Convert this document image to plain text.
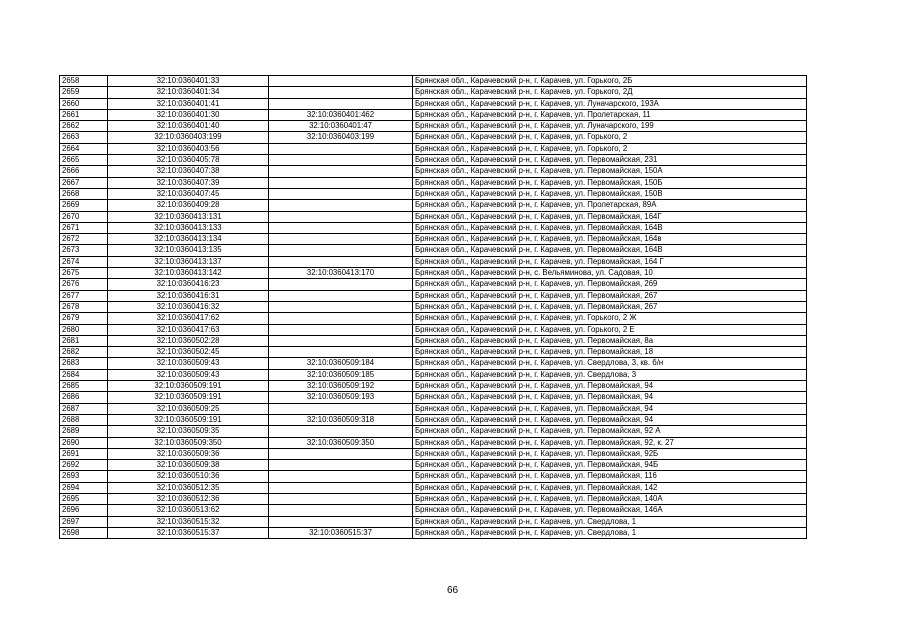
2658	32:10:0360401:33		Брянская обл., Карачевский р-н, г. Карачев, ул. Горького, 2Б
2659	32:10:0360401:34		Брянская обл., Карачевский р-н, г. Карачев, ул. Горького, 2Д
2660	32:10:0360401:41		Брянская обл., Карачевский р-н, г. Карачев, ул. Луначарского, 193А
2661	32:10:0360401:30	32:10:0360401:462	Брянская обл., Карачевский р-н, г. Карачев, ул. Пролетарская, 11
2662	32:10:0360401:40	32:10:0360401:47	Брянская обл., Карачевский р-н, г. Карачев, ул. Луначарского, 199
2663	32:10:0360403:199	32:10:0360403:199	Брянская обл., Карачевский р-н, г. Карачев, ул. Горького, 2
2664	32:10:0360403:56		Брянская обл., Карачевский р-н, г. Карачев, ул. Горького, 2
2665	32:10:0360405:78		Брянская обл., Карачевский р-н, г. Карачев, ул. Первомайская, 231
2666	32:10:0360407:38		Брянская обл., Карачевский р-н, г. Карачев, ул. Первомайская, 150А
2667	32:10:0360407:39		Брянская обл., Карачевский р-н, г. Карачев, ул. Первомайская, 150Б
2668	32:10:0360407:45		Брянская обл., Карачевский р-н, г. Карачев, ул. Первомайская, 150В
2669	32:10:0360409:28		Брянская обл., Карачевский р-н, г. Карачев, ул. Пролетарская, 89А
2670	32:10:0360413:131		Брянская обл., Карачевский р-н, г. Карачев, ул. Первомайская, 164Г
2671	32:10:0360413:133		Брянская обл., Карачевский р-н, г. Карачев, ул. Первомайская, 164В
2672	32:10:0360413:134		Брянская обл., Карачевский р-н, г. Карачев, ул. Первомайская, 164в
2673	32:10:0360413:135		Брянская обл., Карачевский р-н, г. Карачев, ул. Первомайская, 164В
2674	32:10:0360413:137		Брянская обл., Карачевский р-н, г. Карачев, ул. Первомайская, 164 Г
2675	32:10:0360413:142	32:10:0360413:170	Брянская обл., Карачевский р-н, с. Вельяминова, ул. Садовая, 10
2676	32:10:0360416:23		Брянская обл., Карачевский р-н, г. Карачев, ул. Первомайская, 269
2677	32:10:0360416:31		Брянская обл., Карачевский р-н, г. Карачев, ул. Первомайская, 267
2678	32:10:0360416:32		Брянская обл., Карачевский р-н, г. Карачев, ул. Первомайская, 267
2679	32:10:0360417:62		Брянская обл., Карачевский р-н, г. Карачев, ул. Горького, 2 Ж
2680	32:10:0360417:63		Брянская обл., Карачевский р-н, г. Карачев, ул. Горького, 2 Е
2681	32:10:0360502:28		Брянская обл., Карачевский р-н, г. Карачев, ул. Первомайская, 8а
2682	32:10:0360502:45		Брянская обл., Карачевский р-н, г. Карачев, ул. Первомайская, 18
2683	32:10:0360509:43	32:10:0360509:184	Брянская обл., Карачевский р-н, г. Карачев, ул. Свердлова, 3, кв. б/н
2684	32:10:0360509:43	32:10:0360509:185	Брянская обл., Карачевский р-н, г. Карачев, ул. Свердлова, 3
2685	32:10:0360509:191	32:10:0360509:192	Брянская обл., Карачевский р-н, г. Карачев, ул. Первомайская, 94
2686	32:10:0360509:191	32:10:0360509:193	Брянская обл., Карачевский р-н, г. Карачев, ул. Первомайская, 94
2687	32:10:0360509:25		Брянская обл., Карачевский р-н, г. Карачев, ул. Первомайская, 94
2688	32:10:0360509:191	32:10:0360509:318	Брянская обл., Карачевский р-н, г. Карачев, ул. Первомайская, 94
2689	32:10:0360509:35		Брянская обл., Карачевский р-н, г. Карачев, ул. Первомайская, 92 А
2690	32:10:0360509:350	32:10:0360509:350	Брянская обл., Карачевский р-н, г. Карачев, ул. Первомайская, 92, к. 27
2691	32:10:0360509:36		Брянская обл., Карачевский р-н, г. Карачев, ул. Первомайская, 92Б
2692	32:10:0360509:38		Брянская обл., Карачевский р-н, г. Карачев, ул. Первомайская, 94Б
2693	32:10:0360510:36		Брянская обл., Карачевский р-н, г. Карачев, ул. Первомайская, 116
2694	32:10:0360512:35		Брянская обл., Карачевский р-н, г. Карачев, ул. Первомайская, 142
2695	32:10:0360512:36		Брянская обл., Карачевский р-н, г. Карачев, ул. Первомайская, 140А
2696	32:10:0360513:62		Брянская обл., Карачевский р-н, г. Карачев, ул. Первомайская, 146А
2697	32:10:0360515:32		Брянская обл., Карачевский р-н, г. Карачев, ул. Свердлова, 1
2698	32:10:0360515:37	32:10:0360515:37	Брянская обл., Карачевский р-н, г. Карачев, ул. Свердлова, 1
66
